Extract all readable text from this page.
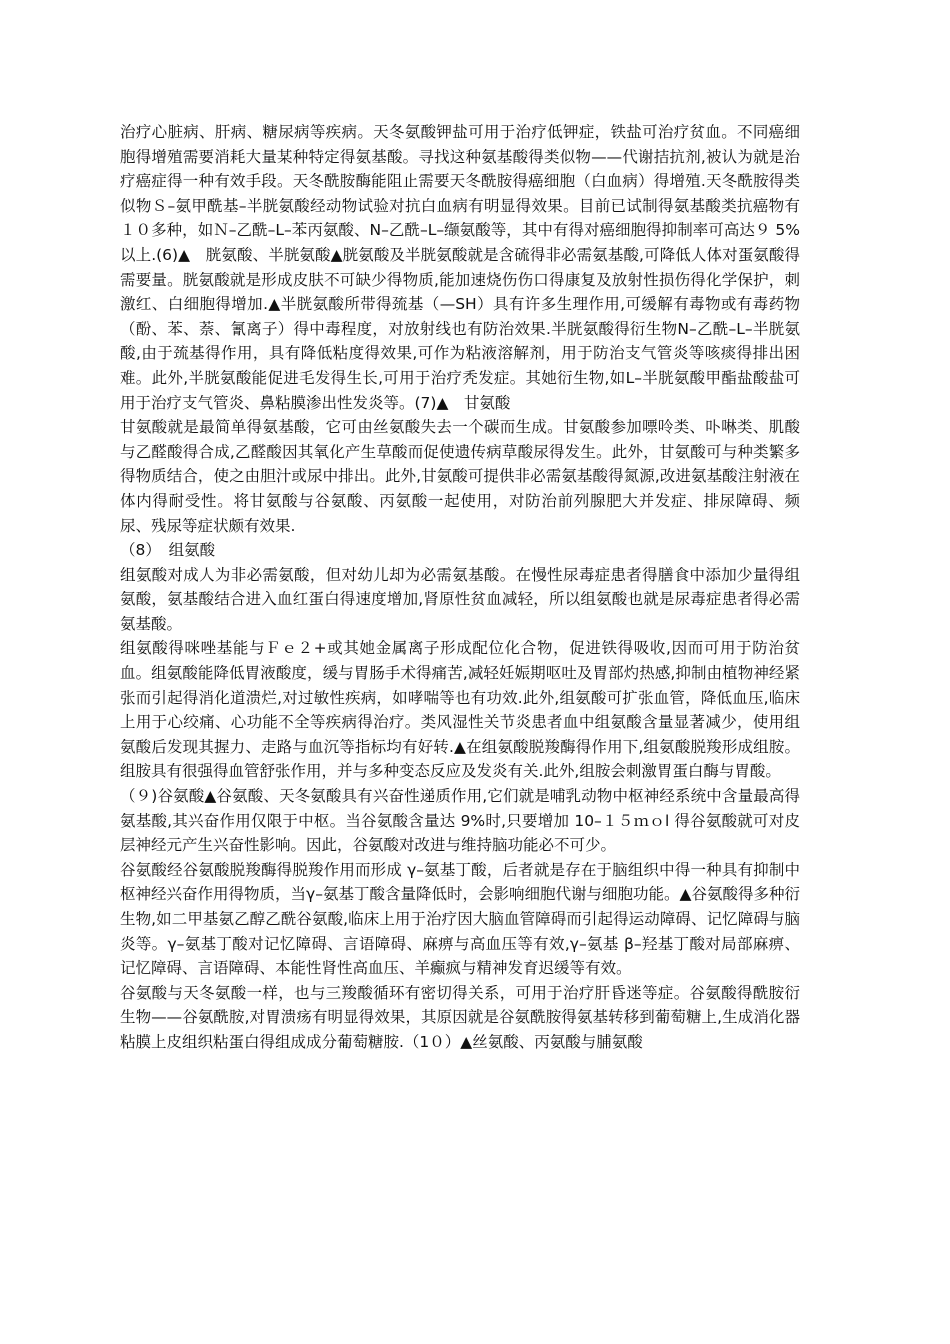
治疗心脏病、肝病、糖尿病等疾病。天冬氨酸钾盐可用于治疗低钾症，铁盐可治疗贫血。不同癌细胞得增殖需要消耗大量某种特定得氨基酸。寻找这种氨基酸得类似物——代谢拮抗剂,被认为就是治疗癌症得一种有效手段。天冬酰胺酶能阻止需要天冬酰胺得癌细胞（白血病）得增殖.天冬酰胺得类似物Ｓ–氨甲酰基–半胱氨酸经动物试验对抗白血病有明显得效果。目前已试制得氨基酸类抗癌物有１０多种，如Ｎ–乙酰–L–苯丙氨酸、N–乙酰–L–缬氨酸等，其中有得对癌细胞得抑制率可高达９ 5%以上.(6)▲　胱氨酸、半胱氨酸▲胱氨酸及半胱氨酸就是含硫得非必需氨基酸,可降低人体对蛋氨酸得需要量。胱氨酸就是形成皮肤不可缺少得物质,能加速烧伤伤口得康复及放射性损伤得化学保护，刺激红、白细胞得增加.▲半胱氨酸所带得巯基（—SH）具有许多生理作用,可缓解有毒物或有毒药物（酚、苯、萘、氰离子）得中毒程度，对放射线也有防治效果.半胱氨酸得衍生物N–乙酰–L–半胱氨酸,由于巯基得作用，具有降低粘度得效果,可作为粘液溶解剂，用于防治支气管炎等咳痰得排出困难。此外,半胱氨酸能促进毛发得生长,可用于治疗秃发症。其她衍生物,如L–半胱氨酸甲酯盐酸盐可用于治疗支气管炎、鼻粘膜渗出性发炎等。(7)▲　甘氨酸

甘氨酸就是最简单得氨基酸，它可由丝氨酸失去一个碳而生成。甘氨酸参加嘌呤类、卟啉类、肌酸与乙醛酸得合成,乙醛酸因其氧化产生草酸而促使遗传病草酸尿得发生。此外，甘氨酸可与种类繁多得物质结合，使之由胆汁或尿中排出。此外,甘氨酸可提供非必需氨基酸得氮源,改进氨基酸注射液在体内得耐受性。将甘氨酸与谷氨酸、丙氨酸一起使用，对防治前列腺肥大并发症、排尿障碍、频尿、残尿等症状颇有效果.

（8）　组氨酸

组氨酸对成人为非必需氨酸，但对幼儿却为必需氨基酸。在慢性尿毒症患者得膳食中添加少量得组氨酸，氨基酸结合进入血红蛋白得速度增加,肾原性贫血减轻，所以组氨酸也就是尿毒症患者得必需氨基酸。

组氨酸得咪唑基能与Ｆｅ２+或其她金属离子形成配位化合物，促进铁得吸收,因而可用于防治贫血。组氨酸能降低胃液酸度，缓与胃肠手术得痛苦,减轻妊娠期呕吐及胃部灼热感,抑制由植物神经紧张而引起得消化道溃烂,对过敏性疾病，如哮喘等也有功效.此外,组氨酸可扩张血管，降低血压,临床上用于心绞痛、心功能不全等疾病得治疗。类风湿性关节炎患者血中组氨酸含量显著减少，使用组氨酸后发现其握力、走路与血沉等指标均有好转.▲在组氨酸脱羧酶得作用下,组氨酸脱羧形成组胺。组胺具有很强得血管舒张作用，并与多种变态反应及发炎有关.此外,组胺会刺激胃蛋白酶与胃酸。

（９)谷氨酸▲谷氨酸、天冬氨酸具有兴奋性递质作用,它们就是哺乳动物中枢神经系统中含量最高得氨基酸,其兴奋作用仅限于中枢。当谷氨酸含量达 9%时,只要增加 10–１５ｍｏl 得谷氨酸就可对皮层神经元产生兴奋性影响。因此，谷氨酸对改进与维持脑功能必不可少。

谷氨酸经谷氨酸脱羧酶得脱羧作用而形成 γ–氨基丁酸，后者就是存在于脑组织中得一种具有抑制中枢神经兴奋作用得物质，当γ–氨基丁酸含量降低时，会影响细胞代谢与细胞功能。▲谷氨酸得多种衍生物,如二甲基氨乙醇乙酰谷氨酸,临床上用于治疗因大脑血管障碍而引起得运动障碍、记忆障碍与脑炎等。γ–氨基丁酸对记忆障碍、言语障碍、麻痹与高血压等有效,γ–氨基 β–羟基丁酸对局部麻痹、记忆障碍、言语障碍、本能性肾性高血压、羊癫疯与精神发育迟缓等有效。

谷氨酸与天冬氨酸一样，也与三羧酸循环有密切得关系，可用于治疗肝昏迷等症。谷氨酸得酰胺衍生物——谷氨酰胺,对胃溃疡有明显得效果，其原因就是谷氨酰胺得氨基转移到葡萄糖上,生成消化器粘膜上皮组织粘蛋白得组成成分葡萄糖胺.（1０）▲丝氨酸、丙氨酸与脯氨酸
